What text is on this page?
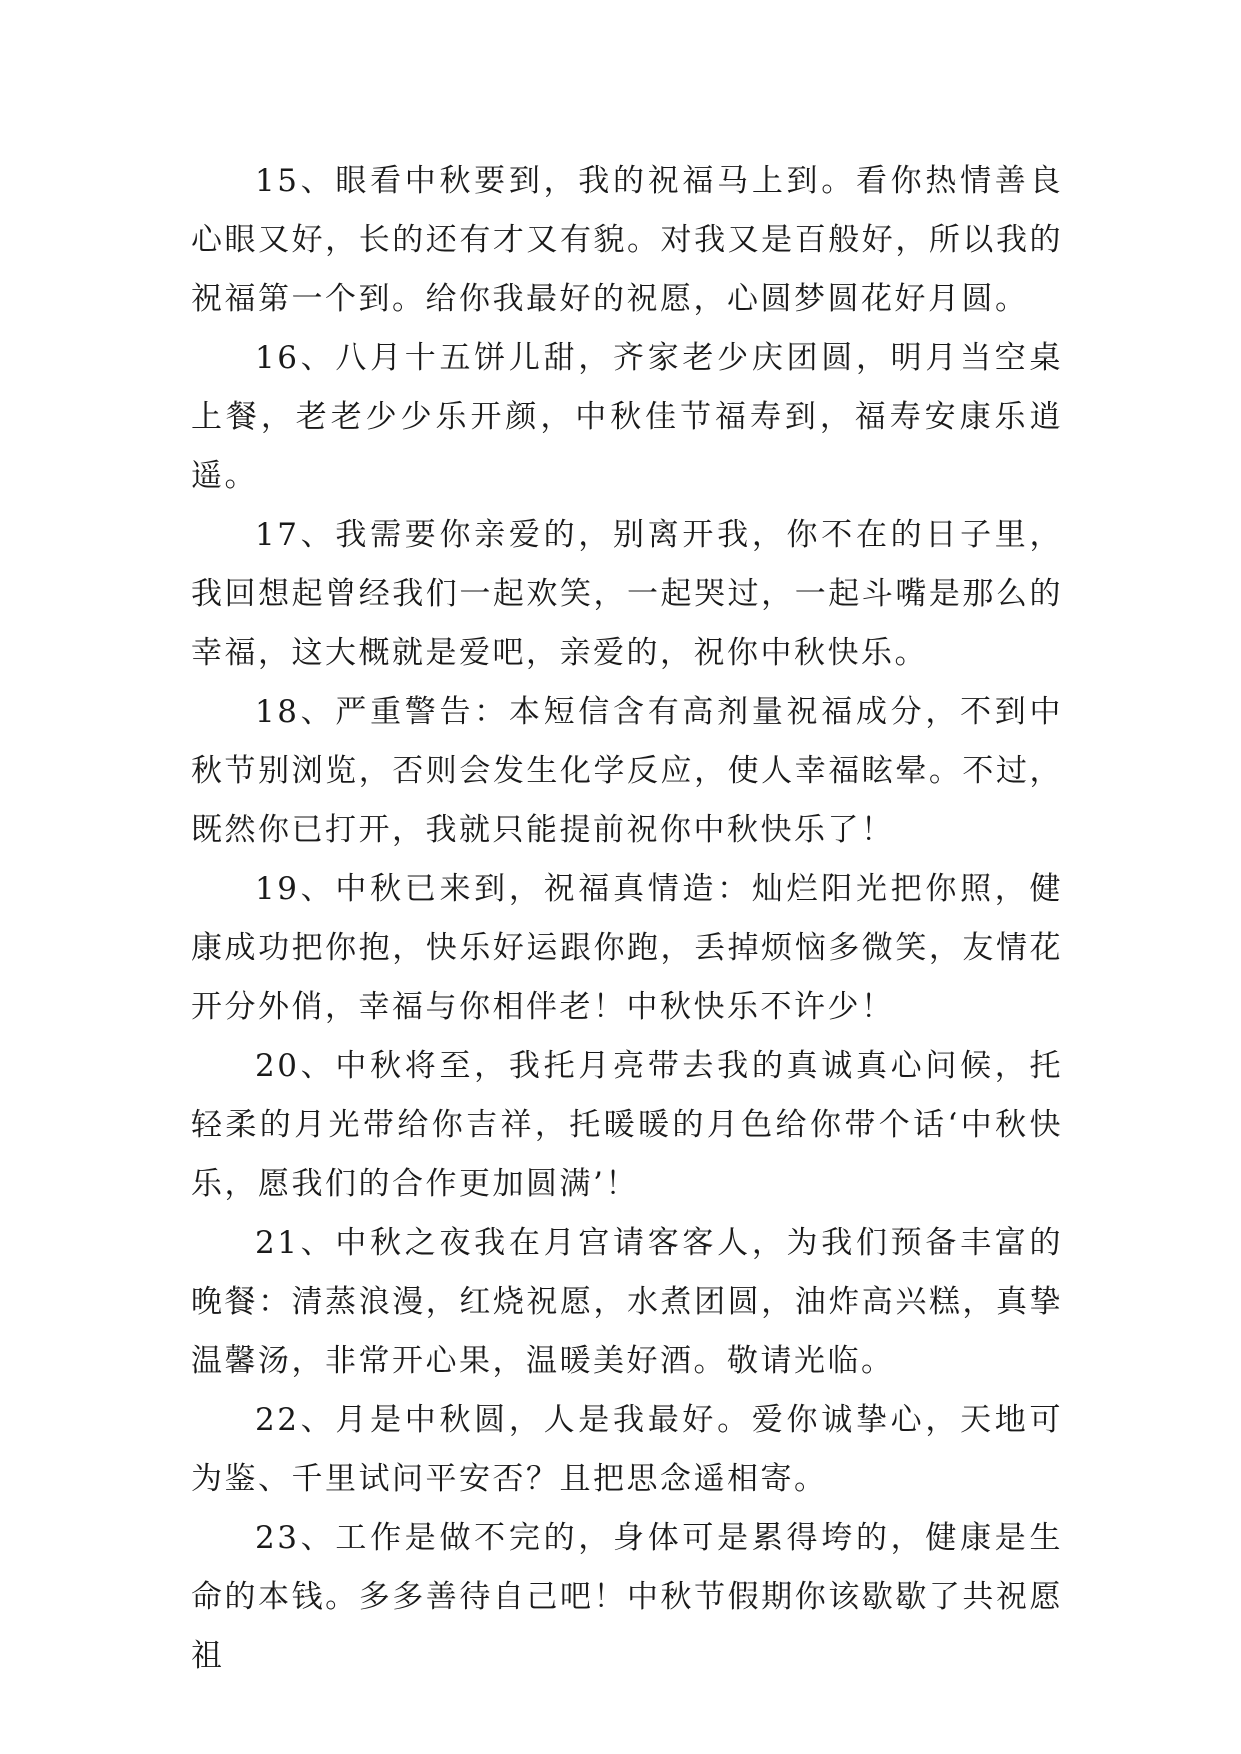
15、眼看中秋要到，我的祝福马上到。看你热情善良心眼又好，长的还有才又有貌。对我又是百般好，所以我的祝福第一个到。给你我最好的祝愿，心圆梦圆花好月圆。

16、八月十五饼儿甜，齐家老少庆团圆，明月当空桌上餐，老老少少乐开颜，中秋佳节福寿到，福寿安康乐逍遥。

17、我需要你亲爱的，别离开我，你不在的日子里，我回想起曾经我们一起欢笑，一起哭过，一起斗嘴是那么的幸福，这大概就是爱吧，亲爱的，祝你中秋快乐。

18、严重警告：本短信含有高剂量祝福成分，不到中秋节别浏览，否则会发生化学反应，使人幸福眩晕。不过，既然你已打开，我就只能提前祝你中秋快乐了！

19、中秋已来到，祝福真情造：灿烂阳光把你照，健康成功把你抱，快乐好运跟你跑，丢掉烦恼多微笑，友情花开分外俏，幸福与你相伴老！中秋快乐不许少！

20、中秋将至，我托月亮带去我的真诚真心问候，托轻柔的月光带给你吉祥，托暖暖的月色给你带个话‘中秋快乐，愿我们的合作更加圆满’！

21、中秋之夜我在月宫请客客人，为我们预备丰富的晚餐：清蒸浪漫，红烧祝愿，水煮团圆，油炸高兴糕，真挚温馨汤，非常开心果，温暖美好酒。敬请光临。

22、月是中秋圆，人是我最好。爱你诚挚心，天地可为鉴、千里试问平安否？且把思念遥相寄。

23、工作是做不完的，身体可是累得垮的，健康是生命的本钱。多多善待自己吧！中秋节假期你该歇歇了共祝愿祖
